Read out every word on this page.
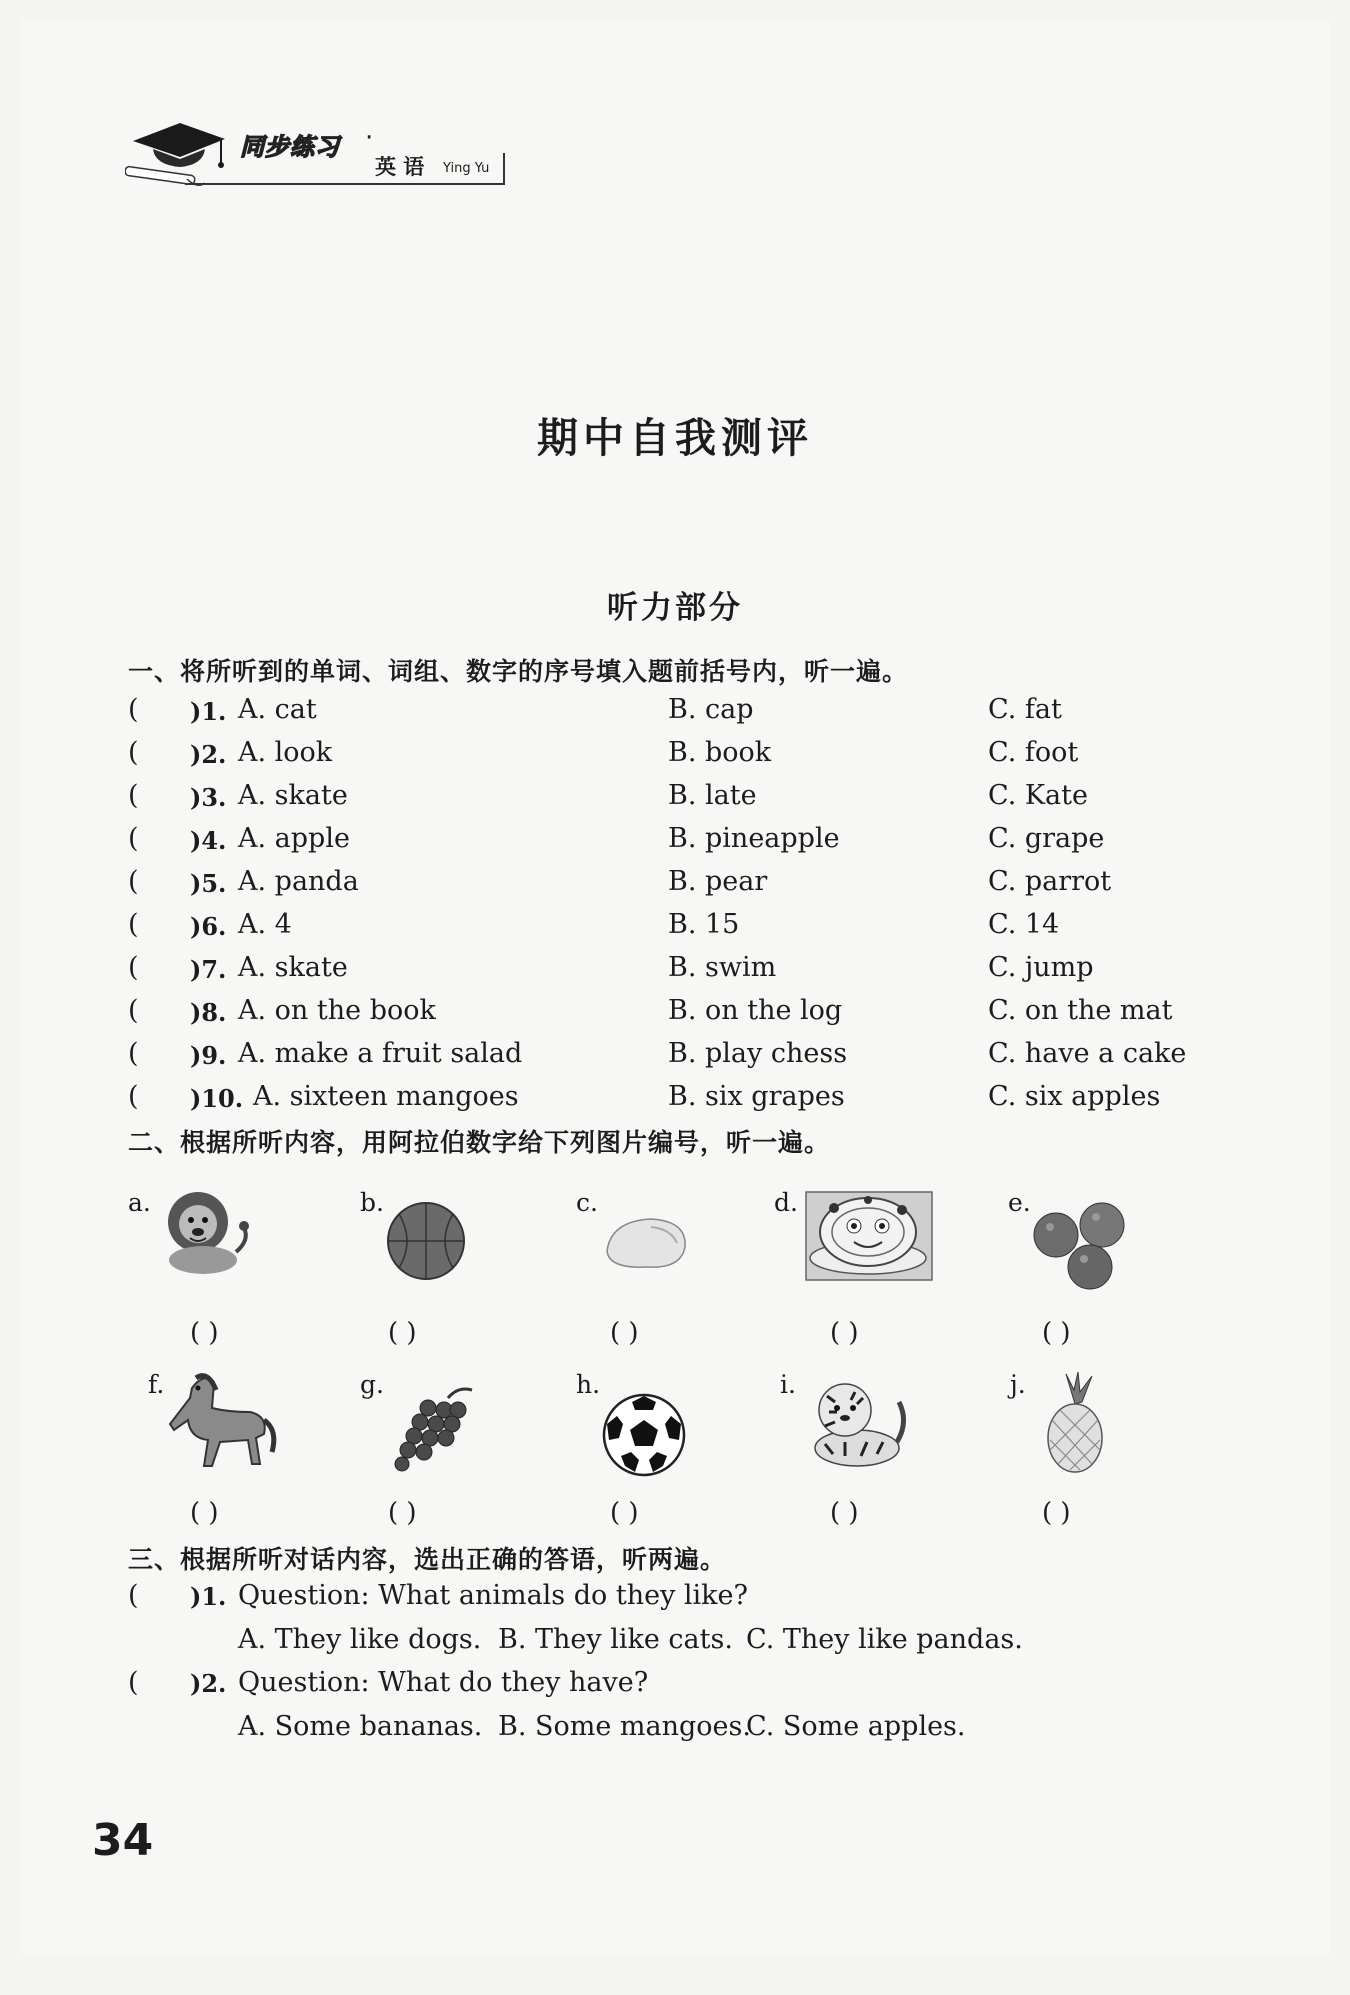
同步练习 ·
英 语 Ying Yu
期中自我测评
听力部分
一、将所听到的单词、词组、数字的序号填入题前括号内，听一遍。
( )1. A. cat	B. cap	C. fat
( )2. A. look	B. book	C. foot
( )3. A. skate	B. late	C. Kate
( )4. A. apple	B. pineapple	C. grape
( )5. A. panda	B. pear	C. parrot
( )6. A. 4	B. 15	C. 14
( )7. A. skate	B. swim	C. jump
( )8. A. on the book	B. on the log	C. on the mat
( )9. A. make a fruit salad	B. play chess	C. have a cake
( )10. A. sixteen mangoes	B. six grapes	C. six apples
二、根据所听内容，用阿拉伯数字给下列图片编号，听一遍。
a.
( )
b.
( )
c.
( )
d.
( )
e.
( )
f.
( )
g.
( )
h.
( )
i.
( )
j.
( )
三、根据所听对话内容，选出正确的答语，听两遍。
( )1. Question: What animals do they like?
A. They like dogs. B. They like cats. C. They like pandas.
( )2. Question: What do they have?
A. Some bananas. B. Some mangoes.
C. Some apples.
34
